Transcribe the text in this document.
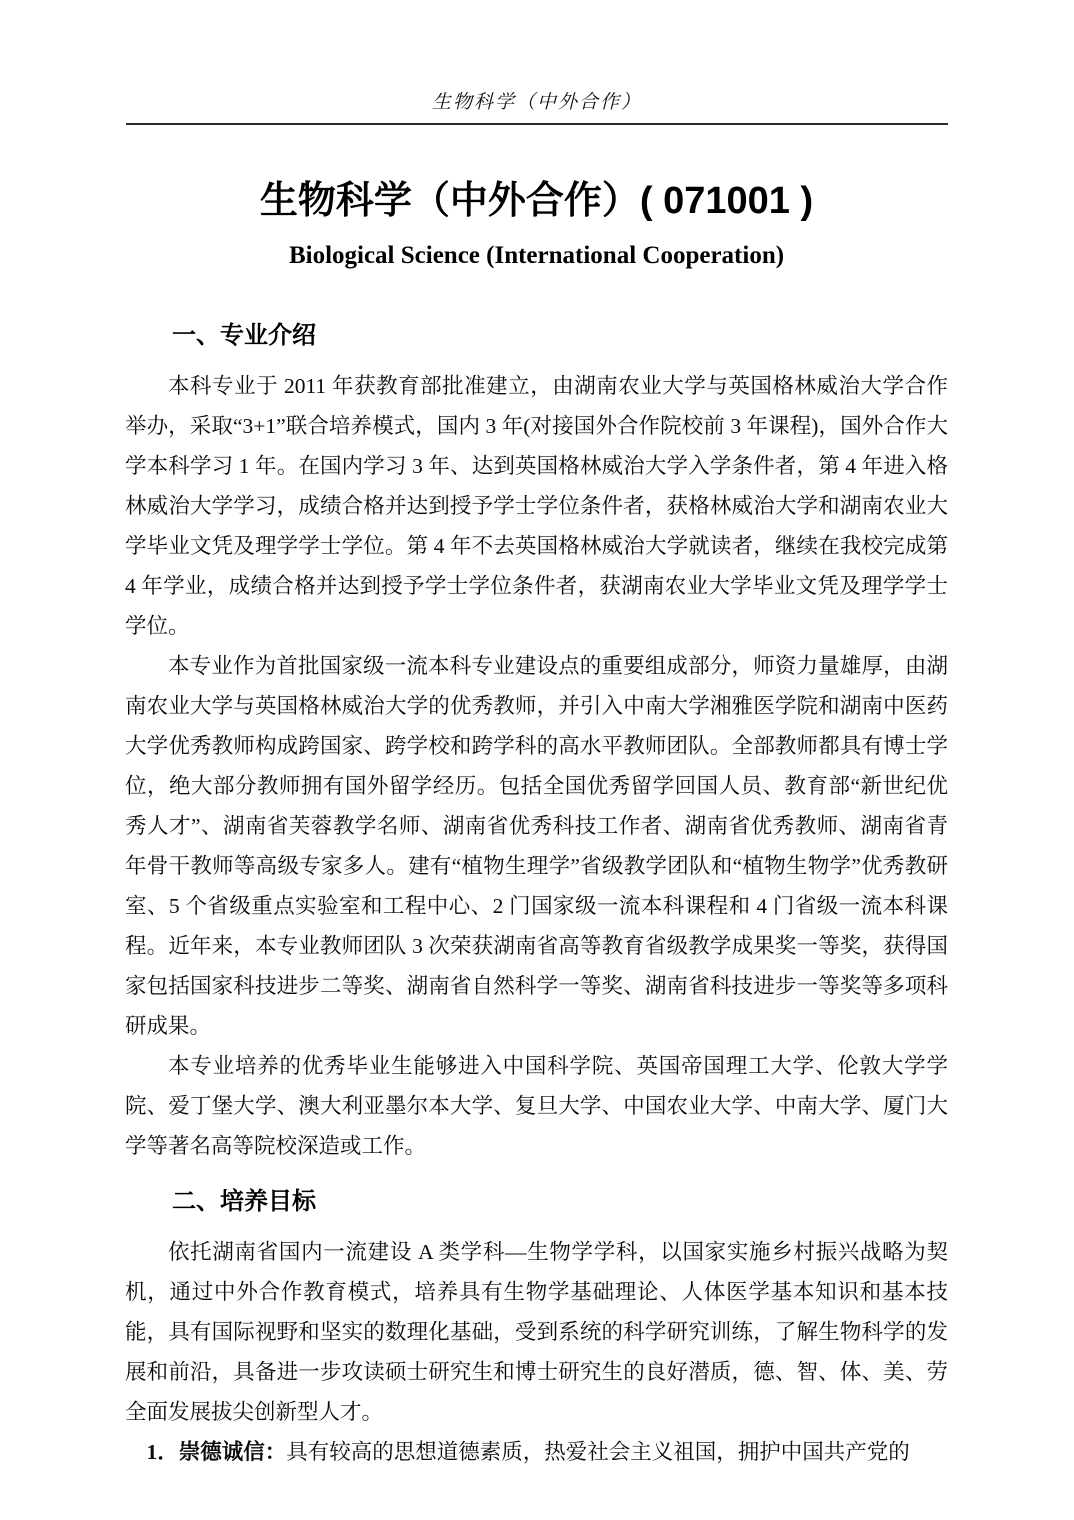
生物科学（中外合作）
生物科学（中外合作）( 071001 )
Biological Science (International Cooperation)
一、专业介绍

本科专业于 2011 年获教育部批准建立，由湖南农业大学与英国格林威治大学合作举办，采取“3+1”联合培养模式，国内 3 年(对接国外合作院校前 3 年课程)，国外合作大学本科学习 1 年。在国内学习 3 年、达到英国格林威治大学入学条件者，第 4 年进入格林威治大学学习，成绩合格并达到授予学士学位条件者，获格林威治大学和湖南农业大学毕业文凭及理学学士学位。第 4 年不去英国格林威治大学就读者，继续在我校完成第 4 年学业，成绩合格并达到授予学士学位条件者，获湖南农业大学毕业文凭及理学学士学位。

本专业作为首批国家级一流本科专业建设点的重要组成部分，师资力量雄厚，由湖南农业大学与英国格林威治大学的优秀教师，并引入中南大学湘雅医学院和湖南中医药大学优秀教师构成跨国家、跨学校和跨学科的高水平教师团队。全部教师都具有博士学位，绝大部分教师拥有国外留学经历。包括全国优秀留学回国人员、教育部“新世纪优秀人才”、湖南省芙蓉教学名师、湖南省优秀科技工作者、湖南省优秀教师、湖南省青年骨干教师等高级专家多人。建有“植物生理学”省级教学团队和“植物生物学”优秀教研室、5 个省级重点实验室和工程中心、2 门国家级一流本科课程和 4 门省级一流本科课程。近年来，本专业教师团队 3 次荣获湖南省高等教育省级教学成果奖一等奖，获得国家包括国家科技进步二等奖、湖南省自然科学一等奖、湖南省科技进步一等奖等多项科研成果。

本专业培养的优秀毕业生能够进入中国科学院、英国帝国理工大学、伦敦大学学院、爱丁堡大学、澳大利亚墨尔本大学、复旦大学、中国农业大学、中南大学、厦门大学等著名高等院校深造或工作。

二、培养目标

依托湖南省国内一流建设 A 类学科—生物学学科，以国家实施乡村振兴战略为契机，通过中外合作教育模式，培养具有生物学基础理论、人体医学基本知识和基本技能，具有国际视野和坚实的数理化基础，受到系统的科学研究训练，了解生物科学的发展和前沿，具备进一步攻读硕士研究生和博士研究生的良好潜质，德、智、体、美、劳全面发展拔尖创新型人才。

1．崇德诚信：具有较高的思想道德素质，热爱社会主义祖国，拥护中国共产党的
